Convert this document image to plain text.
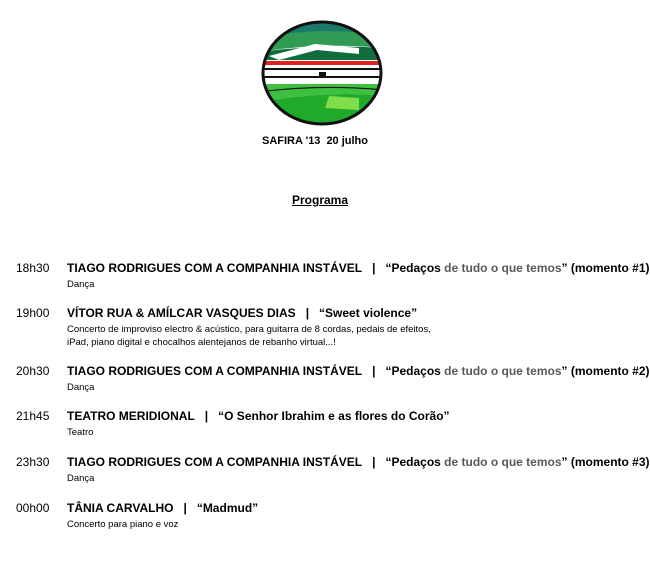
SAFIRA '13 20 julho
Programa
18h30 TIAGO RODRIGUES COM A COMPANHIA INSTÁVEL | “Pedaços de tudo o que temos” (momento #1)
Dança
19h00 VÍTOR RUA & AMÍLCAR VASQUES DIAS | “Sweet violence”
Concerto de improviso electro & acústico, para guitarra de 8 cordas, pedais de efeitos,
iPad, piano digital e chocalhos alentejanos de rebanho virtual...!
20h30 TIAGO RODRIGUES COM A COMPANHIA INSTÁVEL | “Pedaços de tudo o que temos” (momento #2)
Dança
21h45 TEATRO MERIDIONAL | “O Senhor Ibrahim e as flores do Corão”
Teatro
23h30 TIAGO RODRIGUES COM A COMPANHIA INSTÁVEL | “Pedaços de tudo o que temos” (momento #3)
Dança
00h00 TÂNIA CARVALHO | “Madmud”
Concerto para piano e voz
